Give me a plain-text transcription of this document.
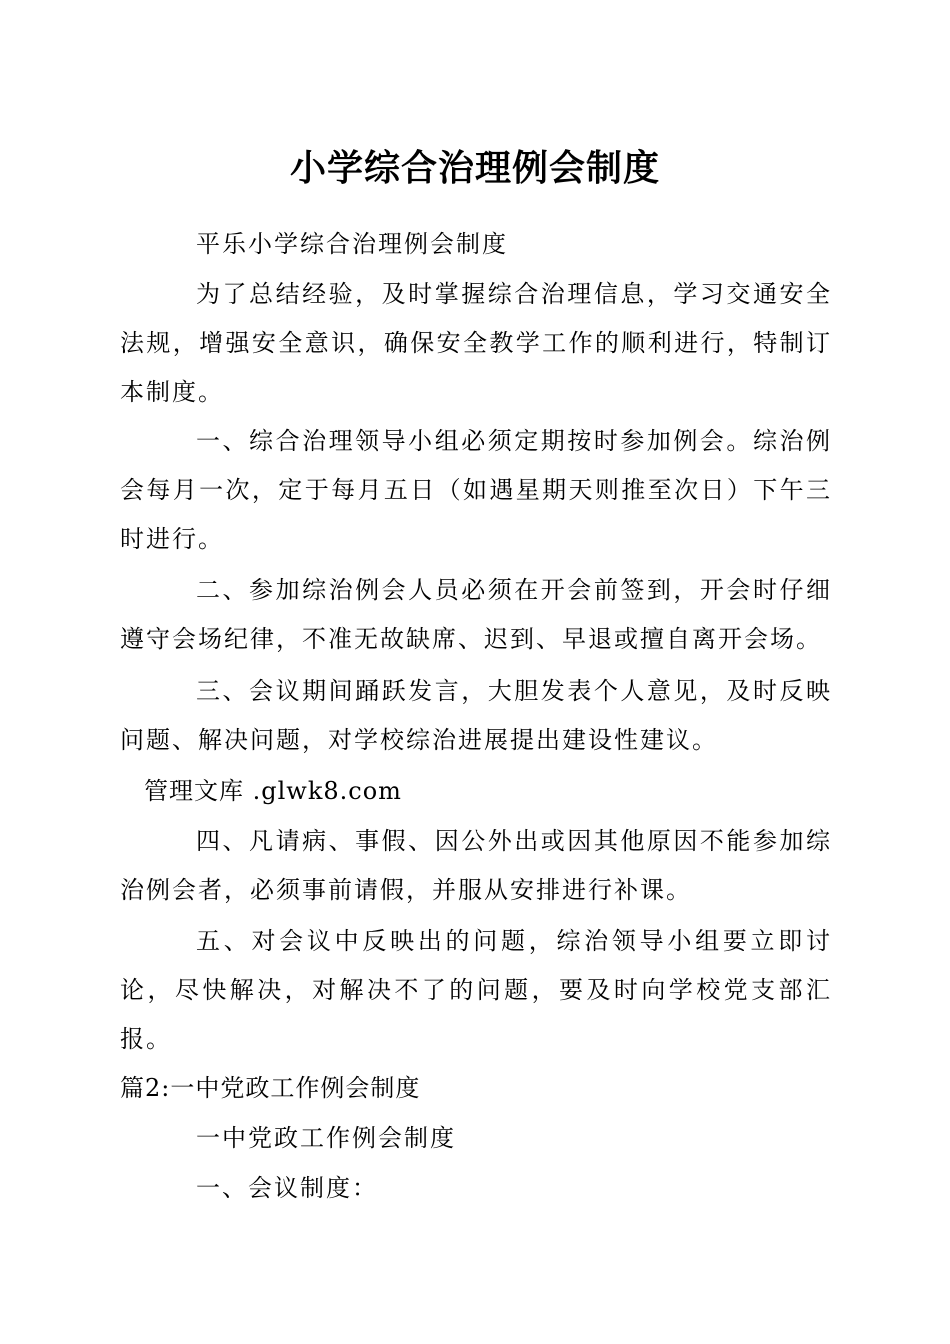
小学综合治理例会制度
平乐小学综合治理例会制度
为了总结经验，及时掌握综合治理信息，学习交通安全法规，增强安全意识，确保安全教学工作的顺利进行，特制订本制度。
一、综合治理领导小组必须定期按时参加例会。综治例会每月一次，定于每月五日（如遇星期天则推至次日）下午三时进行。
二、参加综治例会人员必须在开会前签到，开会时仔细遵守会场纪律，不准无故缺席、迟到、早退或擅自离开会场。
三、会议期间踊跃发言，大胆发表个人意见，及时反映问题、解决问题，对学校综治进展提出建设性建议。
管理文库 .glwk8.com
四、凡请病、事假、因公外出或因其他原因不能参加综治例会者，必须事前请假，并服从安排进行补课。
五、对会议中反映出的问题，综治领导小组要立即讨论，尽快解决，对解决不了的问题，要及时向学校党支部汇报。
篇2:一中党政工作例会制度
一中党政工作例会制度
一、会议制度：
